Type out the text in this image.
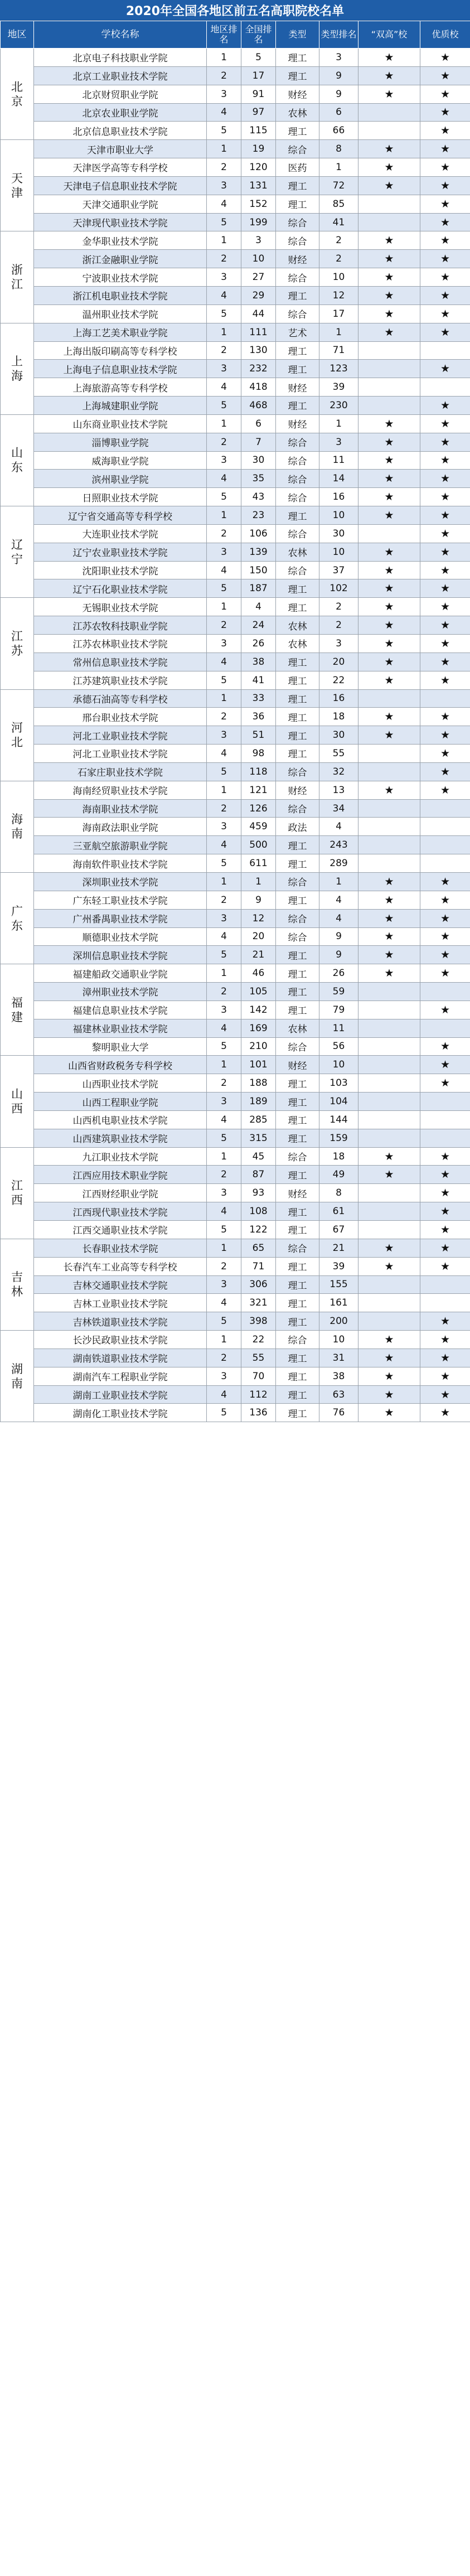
2020年全国各地区前五名高职院校名单
地区	学校名称	地区排名	全国排名	类型	类型排名	“双高”校	优质校

北京	北京电子科技职业学院	1	5	理工	3	★	★
	北京工业职业技术学院	2	17	理工	9	★	★
	北京财贸职业学院	3	91	财经	9	★	★
	北京农业职业学院	4	97	农林	6		★
	北京信息职业技术学院	5	115	理工	66		★

天津	天津市职业大学	1	19	综合	8	★	★
	天津医学高等专科学校	2	120	医药	1	★	★
	天津电子信息职业技术学院	3	131	理工	72	★	★
	天津交通职业学院	4	152	理工	85		★
	天津现代职业技术学院	5	199	综合	41		★

浙江	金华职业技术学院	1	3	综合	2	★	★
	浙江金融职业学院	2	10	财经	2	★	★
	宁波职业技术学院	3	27	综合	10	★	★
	浙江机电职业技术学院	4	29	理工	12	★	★
	温州职业技术学院	5	44	综合	17	★	★

上海	上海工艺美术职业学院	1	111	艺术	1	★	★
	上海出版印刷高等专科学校	2	130	理工	71		
	上海电子信息职业技术学院	3	232	理工	123		★
	上海旅游高等专科学校	4	418	财经	39		
	上海城建职业学院	5	468	理工	230		★

山东	山东商业职业技术学院	1	6	财经	1	★	★
	淄博职业学院	2	7	综合	3	★	★
	威海职业学院	3	30	综合	11	★	★
	滨州职业学院	4	35	综合	14	★	★
	日照职业技术学院	5	43	综合	16	★	★

辽宁	辽宁省交通高等专科学校	1	23	理工	10	★	★
	大连职业技术学院	2	106	综合	30		★
	辽宁农业职业技术学院	3	139	农林	10	★	★
	沈阳职业技术学院	4	150	综合	37	★	★
	辽宁石化职业技术学院	5	187	理工	102	★	★

江苏	无锡职业技术学院	1	4	理工	2	★	★
	江苏农牧科技职业学院	2	24	农林	2	★	★
	江苏农林职业技术学院	3	26	农林	3	★	★
	常州信息职业技术学院	4	38	理工	20	★	★
	江苏建筑职业技术学院	5	41	理工	22	★	★

河北	承德石油高等专科学校	1	33	理工	16		
	邢台职业技术学院	2	36	理工	18	★	★
	河北工业职业技术学院	3	51	理工	30	★	★
	河北工业职业技术学院	4	98	理工	55		★
	石家庄职业技术学院	5	118	综合	32		★

海南	海南经贸职业技术学院	1	121	财经	13	★	★
	海南职业技术学院	2	126	综合	34		
	海南政法职业学院	3	459	政法	4		
	三亚航空旅游职业学院	4	500	理工	243		
	海南软件职业技术学院	5	611	理工	289		

广东	深圳职业技术学院	1	1	综合	1	★	★
	广东轻工职业技术学院	2	9	理工	4	★	★
	广州番禺职业技术学院	3	12	综合	4	★	★
	顺德职业技术学院	4	20	综合	9	★	★
	深圳信息职业技术学院	5	21	理工	9	★	★

福建	福建船政交通职业学院	1	46	理工	26	★	★
	漳州职业技术学院	2	105	理工	59		
	福建信息职业技术学院	3	142	理工	79		★
	福建林业职业技术学院	4	169	农林	11		
	黎明职业大学	5	210	综合	56		★

山西	山西省财政税务专科学校	1	101	财经	10		★
	山西职业技术学院	2	188	理工	103		★
	山西工程职业学院	3	189	理工	104		
	山西机电职业技术学院	4	285	理工	144		
	山西建筑职业技术学院	5	315	理工	159		

江西	九江职业技术学院	1	45	综合	18	★	★
	江西应用技术职业学院	2	87	理工	49	★	★
	江西财经职业学院	3	93	财经	8		★
	江西现代职业技术学院	4	108	理工	61		★
	江西交通职业技术学院	5	122	理工	67		★

吉林	长春职业技术学院	1	65	综合	21	★	★
	长春汽车工业高等专科学校	2	71	理工	39	★	★
	吉林交通职业技术学院	3	306	理工	155		
	吉林工业职业技术学院	4	321	理工	161		
	吉林铁道职业技术学院	5	398	理工	200		★

湖南	长沙民政职业技术学院	1	22	综合	10	★	★
	湖南铁道职业技术学院	2	55	理工	31	★	★
	湖南汽车工程职业学院	3	70	理工	38	★	★
	湖南工业职业技术学院	4	112	理工	63	★	★
	湖南化工职业技术学院	5	136	理工	76	★	★
